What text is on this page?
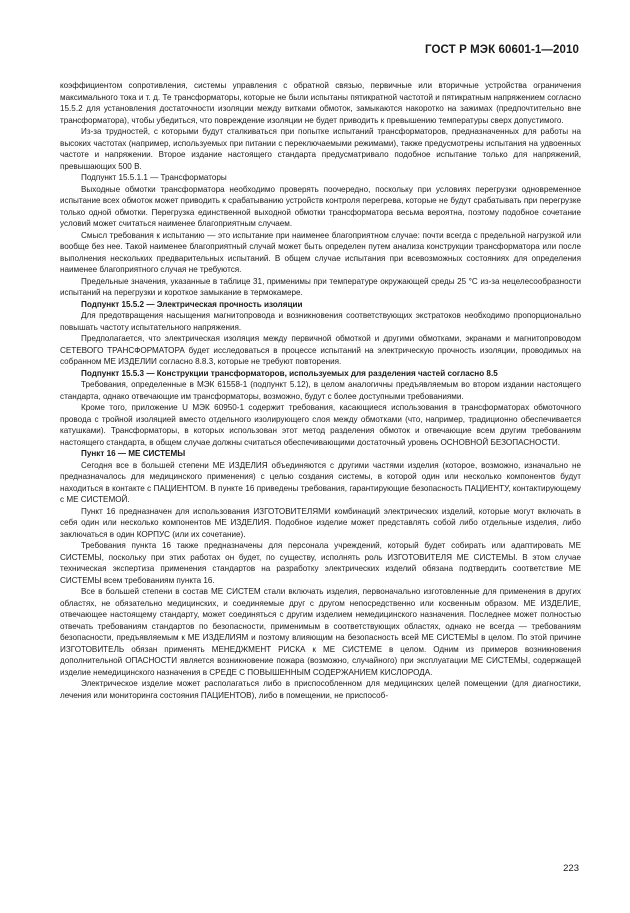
ГОСТ Р МЭК 60601-1—2010

коэффициентом сопротивления, системы управления с обратной связью, первичные или вторичные устройства ограничения максимального тока и т. д. Те трансформаторы, которые не были испытаны пятикратной частотой и пятикратным напряжением согласно 15.5.2 для установления достаточности изоляции между витками обмоток, замыкаются накоротко на зажимах (предпочтительно вне трансформатора), чтобы убедиться, что повреждение изоляции не будет приводить к превышению температуры сверх допустимого.

Из-за трудностей, с которыми будут сталкиваться при попытке испытаний трансформаторов, предназначенных для работы на высоких частотах (например, используемых при питании с переключаемыми режимами), также предусмотрены испытания на удвоенных частоте и напряжении. Второе издание настоящего стандарта предусматривало подобное испытание только для напряжений, превышающих 500 В.

Подпункт 15.5.1.1 — Трансформаторы

Выходные обмотки трансформатора необходимо проверять поочередно, поскольку при условиях перегрузки одновременное испытание всех обмоток может приводить к срабатыванию устройств контроля перегрева, которые не будут срабатывать при перегрузке только одной обмотки. Перегрузка единственной выходной обмотки трансформатора весьма вероятна, поэтому подобное сочетание условий может считаться наименее благоприятным случаем.

Смысл требования к испытанию — это испытание при наименее благоприятном случае: почти всегда с предельной нагрузкой или вообще без нее. Такой наименее благоприятный случай может быть определен путем анализа конструкции трансформатора или после выполнения нескольких предварительных испытаний. В общем случае испытания при всевозможных состояниях для определения наименее благоприятного случая не требуются.

Предельные значения, указанные в таблице 31, применимы при температуре окружающей среды 25 °С из-за нецелесообразности испытаний на перегрузки и короткое замыкание в термокамере.

Подпункт 15.5.2 — Электрическая прочность изоляции

Для предотвращения насыщения магнитопровода и возникновения соответствующих экстратоков необходимо пропорционально повышать частоту испытательного напряжения.

Предполагается, что электрическая изоляция между первичной обмоткой и другими обмотками, экранами и магнитопроводом СЕТЕВОГО ТРАНСФОРМАТОРА будет исследоваться в процессе испытаний на электрическую прочность изоляции, проводимых на собранном МЕ ИЗДЕЛИИ согласно 8.8.3, которые не требуют повторения.

Подпункт 15.5.3 — Конструкции трансформаторов, используемых для разделения частей согласно 8.5

Требования, определенные в МЭК 61558-1 (подпункт 5.12), в целом аналогичны предъявляемым во втором издании настоящего стандарта, однако отвечающие им трансформаторы, возможно, будут с более доступными требованиями.

Кроме того, приложение U МЭК 60950-1 содержит требования, касающиеся использования в трансформаторах обмоточного провода с тройной изоляцией вместо отдельного изолирующего слоя между обмотками (что, например, традиционно обеспечивается катушками). Трансформаторы, в которых использован этот метод разделения обмоток и отвечающие всем другим требованиям настоящего стандарта, в общем случае должны считаться обеспечивающими достаточный уровень ОСНОВНОЙ БЕЗОПАСНОСТИ.

Пункт 16 — МЕ СИСТЕМЫ

Сегодня все в большей степени МЕ ИЗДЕЛИЯ объединяются с другими частями изделия (которое, возможно, изначально не предназначалось для медицинского применения) с целью создания системы, в которой один или несколько компонентов будут находиться в контакте с ПАЦИЕНТОМ. В пункте 16 приведены требования, гарантирующие безопасность ПАЦИЕНТУ, контактирующему с МЕ СИСТЕМОЙ.

Пункт 16 предназначен для использования ИЗГОТОВИТЕЛЯМИ комбинаций электрических изделий, которые могут включать в себя один или несколько компонентов МЕ ИЗДЕЛИЯ. Подобное изделие может представлять собой либо отдельные изделия, либо заключаться в один КОРПУС (или их сочетание).

Требования пункта 16 также предназначены для персонала учреждений, который будет собирать или адаптировать МЕ СИСТЕМЫ, поскольку при этих работах он будет, по существу, исполнять роль ИЗГОТОВИТЕЛЯ МЕ СИСТЕМЫ. В этом случае техническая экспертиза применения стандартов на разработку электрических изделий обязана подтвердить соответствие МЕ СИСТЕМЫ всем требованиям пункта 16.

Все в большей степени в состав МЕ СИСТЕМ стали включать изделия, первоначально изготовленные для применения в других областях, не обязательно медицинских, и соединяемые друг с другом непосредственно или косвенным образом. МЕ ИЗДЕЛИЕ, отвечающее настоящему стандарту, может соединяться с другим изделием немедицинского назначения. Последнее может полностью отвечать требованиям стандартов по безопасности, применимым в соответствующих областях, однако не всегда — требованиям безопасности, предъявляемым к МЕ ИЗДЕЛИЯМ и поэтому влияющим на безопасность всей МЕ СИСТЕМЫ в целом. По этой причине ИЗГОТОВИТЕЛЬ обязан применять МЕНЕДЖМЕНТ РИСКА к МЕ СИСТЕМЕ в целом. Одним из примеров возникновения дополнительной ОПАСНОСТИ является возникновение пожара (возможно, случайного) при эксплуатации МЕ СИСТЕМЫ, содержащей изделие немедицинского назначения в СРЕДЕ С ПОВЫШЕННЫМ СОДЕРЖАНИЕМ КИСЛОРОДА.

Электрическое изделие может располагаться либо в приспособленном для медицинских целей помещении (для диагностики, лечения или мониторинга состояния ПАЦИЕНТОВ), либо в помещении, не приспособ-

223
